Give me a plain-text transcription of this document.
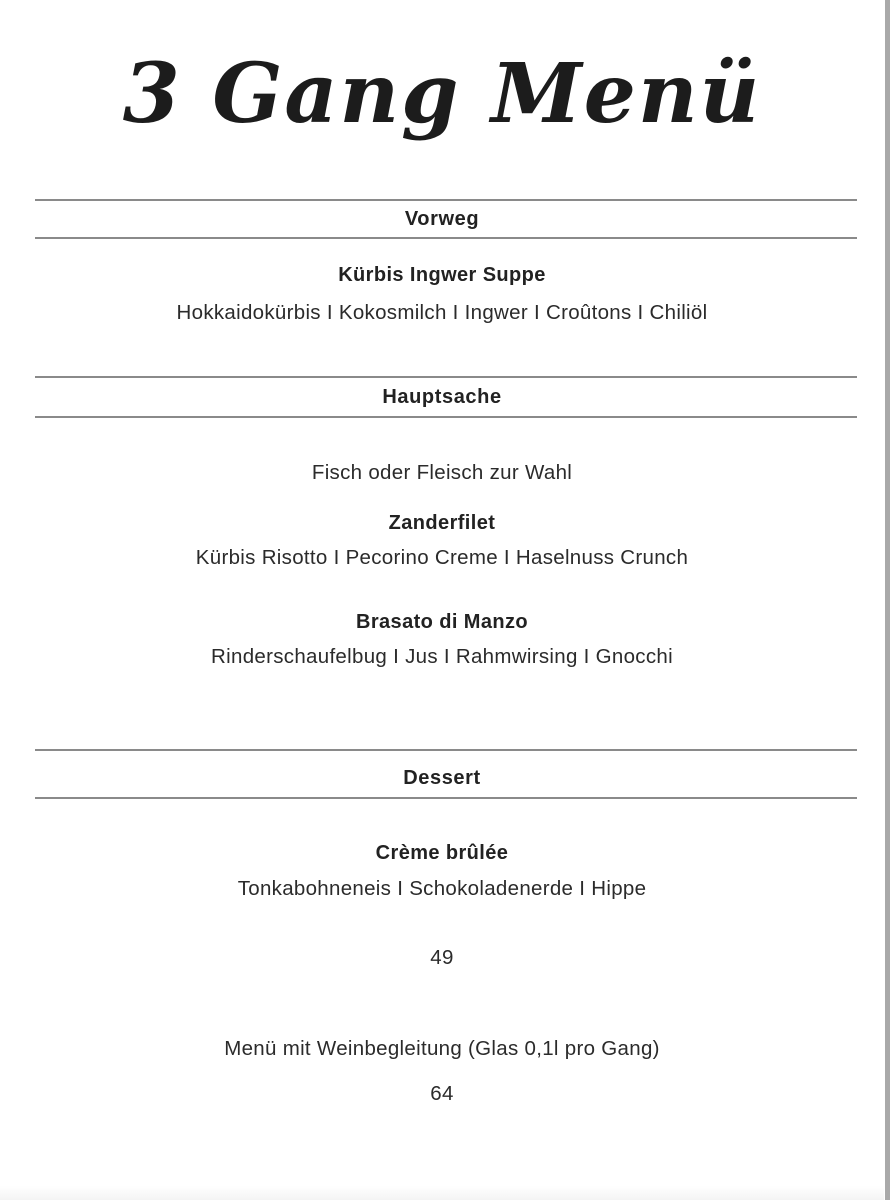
3 Gang Menü
Vorweg
Kürbis Ingwer Suppe
Hokkaidokürbis I Kokosmilch I Ingwer I Croûtons I Chiliöl
Hauptsache
Fisch oder Fleisch zur Wahl
Zanderfilet
Kürbis Risotto I Pecorino Creme I Haselnuss Crunch
Brasato di Manzo
Rinderschaufelbug I Jus I Rahmwirsing I Gnocchi
Dessert
Crème brûlée
Tonkabohneneis I Schokoladenerde I Hippe
49
Menü mit Weinbegleitung (Glas 0,1l pro Gang)
64
